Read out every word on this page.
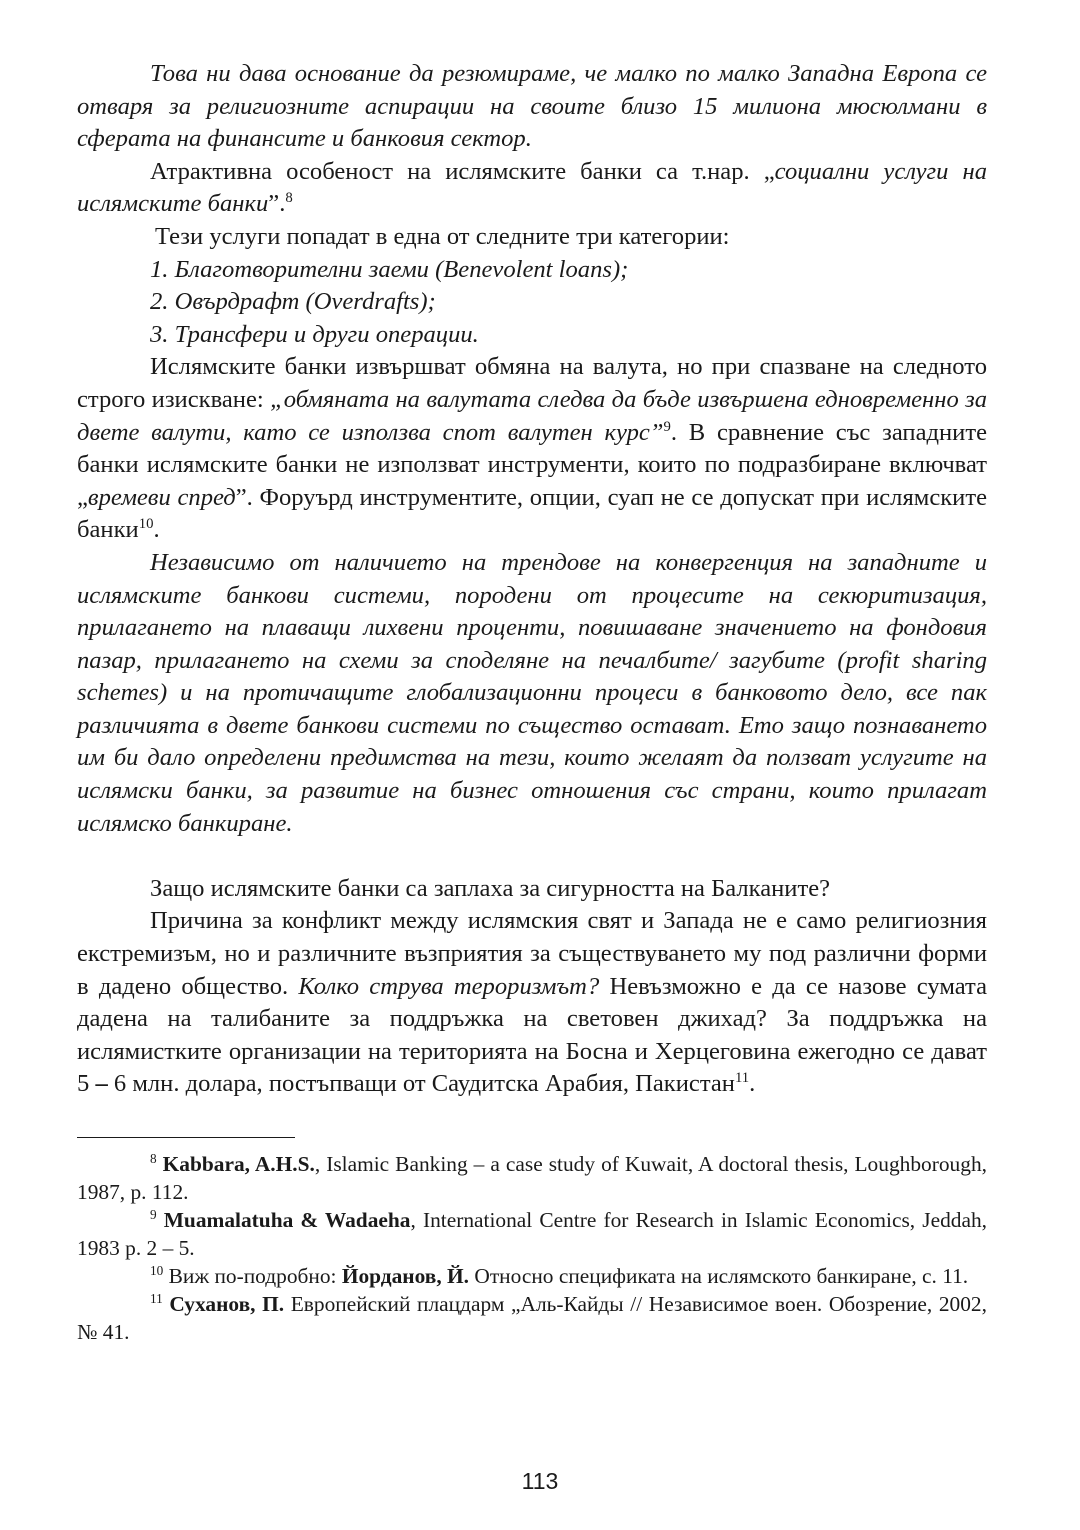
Това ни дава основание да резюмираме, че малко по малко Западна Европа се отваря за религиозните аспирации на своите близо 15 милиона мюсюлмани в сферата на финансите и банковия сектор.

Атрактивна особеност на ислямските банки са т.нар. „социални услуги на ислямските банки”.$^8$

Тези услуги попадат в една от следните три категории:

1. Благотворителни заеми (Benevolent loans);

2. Овърдрафт (Overdrafts);

3. Трансфери и други операции.

Ислямските банки извършват обмяна на валута, но при спазване на следното строго изискване: „обмяната на валутата следва да бъде извършена едновременно за двете валути, като се използва спот валутен курс”$^9$. В сравнение със западните банки ислямските банки не използват инструменти, които по подразбиране включват „времеви спред”. Форуърд инструментите, опции, суап не се допускат при ислямските банки$^{10}$.

Независимо от наличието на трендове на конвергенция на западните и ислямските банкови системи, породени от процесите на секюритизация, прилагането на плаващи лихвени проценти, повишаване значението на фондовия пазар, прилагането на схеми за споделяне на печалбите/ загубите (profit sharing schemes) и на протичащите глобализационни процеси в банковото дело, все пак различията в двете банкови системи по същество остават. Ето защо познаването им би дало определени предимства на тези, които желаят да ползват услугите на ислямски банки, за развитие на бизнес отношения със страни, които прилагат ислямско банкиране.

Защо ислямските банки са заплаха за сигурността на Балканите?

Причина за конфликт между ислямския свят и Запада не е само религиозния екстремизъм, но и различните възприятия за съществуването му под различни форми в дадено общество. Колко струва тероризмът? Невъзможно е да се назове сумата дадена на талибаните за поддръжка на световен джихад? За поддръжка на ислямистките организации на територията на Босна и Херцеговина ежегодно се дават 5 – 6 млн. долара, постъпващи от Саудитска Арабия, Пакистан$^{11}$.

$^8$ Kabbara, A.H.S., Islamic Banking – a case study of Kuwait, A doctoral thesis, Loughborough, 1987, p. 112.

$^9$ Muamalatuha & Wadaeha, International Centre for Research in Islamic Economics, Jeddah, 1983 p. 2 – 5.

$^{10}$ Виж по-подробно: Йорданов, Й. Относно спецификата на ислямското банкиране, с. 11.

$^{11}$ Суханов, П. Европейский плацдарм „Аль-Кайды // Независимое воен. Обозрение, 2002, № 41.

113
